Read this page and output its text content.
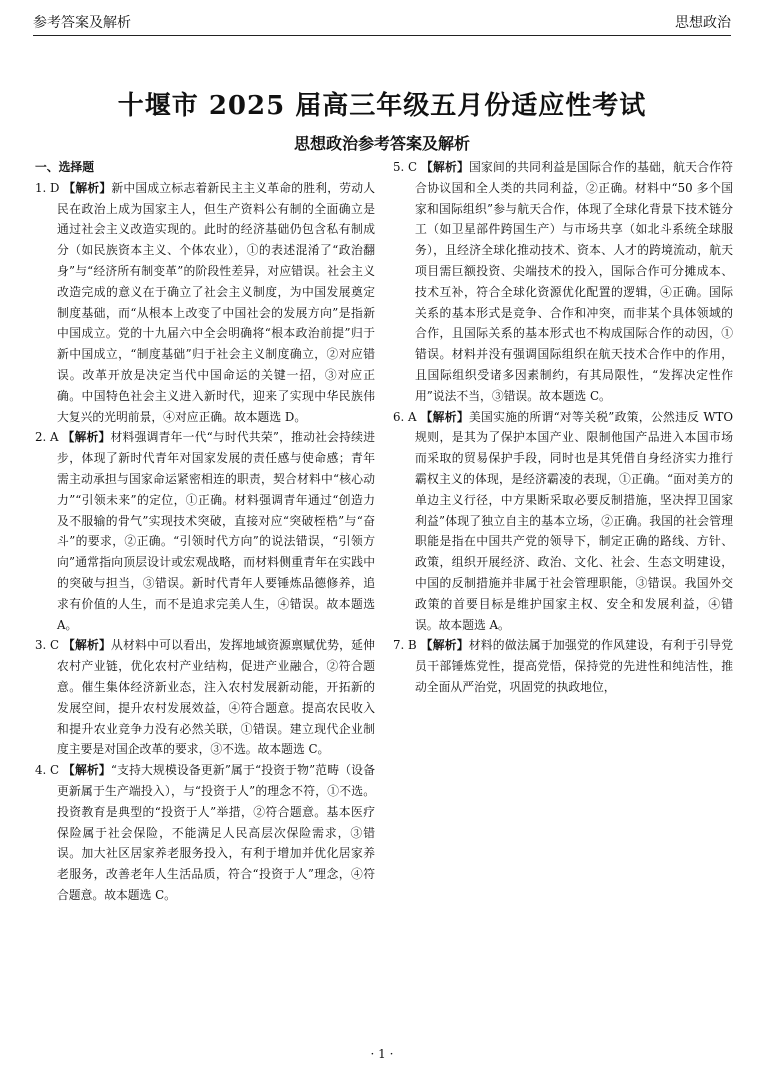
参考答案及解析	思想政治
十堰市 2025 届高三年级五月份适应性考试
思想政治参考答案及解析

一、选择题

1. D 【解析】新中国成立标志着新民主主义革命的胜利，劳动人民在政治上成为国家主人，但生产资料公有制的全面确立是通过社会主义改造实现的。此时的经济基础仍包含私有制成分（如民族资本主义、个体农业），①的表述混淆了“政治翻身”与“经济所有制变革”的阶段性差异，对应错误。社会主义改造完成的意义在于确立了社会主义制度，为中国发展奠定制度基础，而“从根本上改变了中国社会的发展方向”是指新中国成立。党的十九届六中全会明确将“根本政治前提”归于新中国成立，“制度基础”归于社会主义制度确立，②对应错误。改革开放是决定当代中国命运的关键一招，③对应正确。中国特色社会主义进入新时代，迎来了实现中华民族伟大复兴的光明前景，④对应正确。故本题选 D。

2. A 【解析】材料强调青年一代“与时代共荣”，推动社会持续进步，体现了新时代青年对国家发展的责任感与使命感；青年需主动承担与国家命运紧密相连的职责，契合材料中“核心动力”“引领未来”的定位，①正确。材料强调青年通过“创造力及不服输的骨气”实现技术突破，直接对应“突破桎梏”与“奋斗”的要求，②正确。“引领时代方向”的说法错误，“引领方向”通常指向顶层设计或宏观战略，而材料侧重青年在实践中的突破与担当，③错误。新时代青年人要锤炼品德修养，追求有价值的人生，而不是追求完美人生，④错误。故本题选 A。

3. C 【解析】从材料中可以看出，发挥地域资源禀赋优势，延伸农村产业链，优化农村产业结构，促进产业融合，②符合题意。催生集体经济新业态，注入农村发展新动能，开拓新的发展空间，提升农村发展效益，④符合题意。提高农民收入和提升农业竞争力没有必然关联，①错误。建立现代企业制度主要是对国企改革的要求，③不选。故本题选 C。

4. C 【解析】“支持大规模设备更新”属于“投资于物”范畴（设备更新属于生产端投入），与“投资于人”的理念不符，①不选。投资教育是典型的“投资于人”举措，②符合题意。基本医疗保险属于社会保险，不能满足人民高层次保险需求，③错误。加大社区居家养老服务投入，有利于增加并优化居家养老服务，改善老年人生活品质，符合“投资于人”理念，④符合题意。故本题选 C。

5. C 【解析】国家间的共同利益是国际合作的基础，航天合作符合协议国和全人类的共同利益，②正确。材料中“50 多个国家和国际组织”参与航天合作，体现了全球化背景下技术链分工（如卫星部件跨国生产）与市场共享（如北斗系统全球服务），且经济全球化推动技术、资本、人才的跨境流动，航天项目需巨额投资、尖端技术的投入，国际合作可分摊成本、技术互补，符合全球化资源优化配置的逻辑，④正确。国际关系的基本形式是竞争、合作和冲突，而非某个具体领域的合作，且国际关系的基本形式也不构成国际合作的动因，①错误。材料并没有强调国际组织在航天技术合作中的作用，且国际组织受诸多因素制约，有其局限性，“发挥决定性作用”说法不当，③错误。故本题选 C。

6. A 【解析】美国实施的所谓“对等关税”政策，公然违反 WTO 规则，是其为了保护本国产业、限制他国产品进入本国市场而采取的贸易保护手段，同时也是其凭借自身经济实力推行霸权主义的体现，是经济霸凌的表现，①正确。“面对美方的单边主义行径，中方果断采取必要反制措施，坚决捍卫国家利益”体现了独立自主的基本立场，②正确。我国的社会管理职能是指在中国共产党的领导下，制定正确的路线、方针、政策，组织开展经济、政治、文化、社会、生态文明建设，中国的反制措施并非属于社会管理职能，③错误。我国外交政策的首要目标是维护国家主权、安全和发展利益，④错误。故本题选 A。

7. B 【解析】材料的做法属于加强党的作风建设，有利于引导党员干部锤炼党性，提高党悟，保持党的先进性和纯洁性，推动全面从严治党，巩固党的执政地位，

· 1 ·
